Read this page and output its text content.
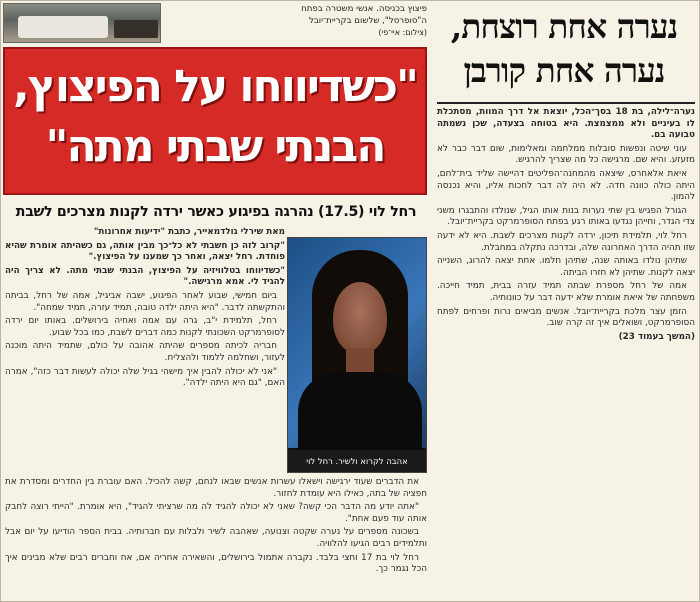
נערה אחת רוצחת,
נערה אחת קורבן

נערה־לילה, בת 18 בסך־הכל, יוצאת אל דרך המוות, מסתכלת לו בעיניים ולא ממצמצת. היא בטוחה בצעדה, שכן נשמתה טבועה בם.

עוני שיטה ונפשות סובלות ממלחמה ומאלימות, שום דבר כבר לא מזעזע. והיא שם. מרגישה כל מה שצריך להרגיש.

איאת אלאחרס, שיצאה מהמחנה־הפליטים דהיישה שליד בית־לחם, היתה כולה כוונה חדה. לא היה לה דבר לחכות אליו, והיא נכנסה להמון.

הגורל הפגיש בין שתי נערות בנות אותו הגיל, שנולדו והתבגרו משני צדי הגדר, וחייהן נגדעו באותו רגע בפתח הסופרמרקט בקריית־יובל.

רחל לוי, תלמידת תיכון, ירדה לקנות מצרכים לשבת. היא לא ידעה שזו תהיה הדרך האחרונה שלה, ובדרכה נתקלה במחבלת.

שתיהן נולדו באותה שנה, שתיהן חלמו. אחת יצאה להרוג, השנייה יצאה לקנות. שתיהן לא חזרו הביתה.

אמה של רחל מספרת שבתה תמיד עזרה בבית, תמיד חייכה. משפחתה של איאת אומרת שלא ידעה דבר על כוונותיה.

הזמן עצר מלכת בקריית־יובל. אנשים מביאים נרות ופרחים לפתח הסופרמרקט, ושואלים איך זה קרה שוב.

(המשך בעמוד 23)

פיצוץ בכניסה. אנשי משטרה בפתח
ה"סופרסל", שלשום בקריית־יובל
(צילום: איי־פי)
"כשדיווחו על הפיצוץ,
הבנתי שבתי מתה"
רחל לוי (17.5) נהרגה בפיגוע כאשר ירדה לקנות מצרכים לשבת

מאת שירלי גולדמאייר, כתבת "ידיעות אחרונות"

"קרוב לזה כן חשבתי לא כל־כך מבין אותה, גם כשהיתה אומרת שהיא פוחדת. רחל יצאה, ואחר כך שמענו על הפיצוץ."

"כשדיווחו בטלוויזיה על הפיצוץ, הבנתי שבתי מתה. לא צריך היה להגיד לי. אמא מרגישה."

ביום חמישי, שבוע לאחר הפיגוע, ישבה אביגיל, אמה של רחל, בביתה והתקשתה לדבר. "היא היתה ילדה טובה, תמיד עזרה, תמיד שמחה".

רחל, תלמידת י"ב, גרה עם אמה ואחיה בירושלים. באותו יום ירדה לסופרמרקט השכונתי לקנות כמה דברים לשבת, כמו בכל שבוע.

חבריה לכיתה מספרים שהיתה אהובה על כולם, שתמיד היתה מוכנה לעזור, ושחלמה ללמוד ולהצליח.

"אני לא יכולה להבין איך מישהי בגיל שלה יכולה לעשות דבר כזה", אמרה האם, "גם היא היתה ילדה".

אהבה לקרוא ולשיר. רחל לוי

את הדברים שעוד ירגישה וישאלו עשרות אנשים שבאו לנחם, קשה להכיל. האם עוברת בין החדרים ומסדרת את חפציה של בתה, כאילו היא עומדת לחזור.

"אתה יודע מה הדבר הכי קשה? שאני לא יכולה להגיד לה מה שרציתי להגיד", היא אומרת. "הייתי רוצה לחבק אותה עוד פעם אחת".

בשכונה מספרים על נערה שקטה וצנועה, שאהבה לשיר ולבלות עם חברותיה. בבית הספר הודיעו על יום אבל ותלמידים רבים הגיעו להלוויה.

רחל לוי בת 17 וחצי בלבד. נקברה אתמול בירושלים, והשאירה אחריה אם, אח וחברים רבים שלא מבינים איך הכל נגמר כך.
